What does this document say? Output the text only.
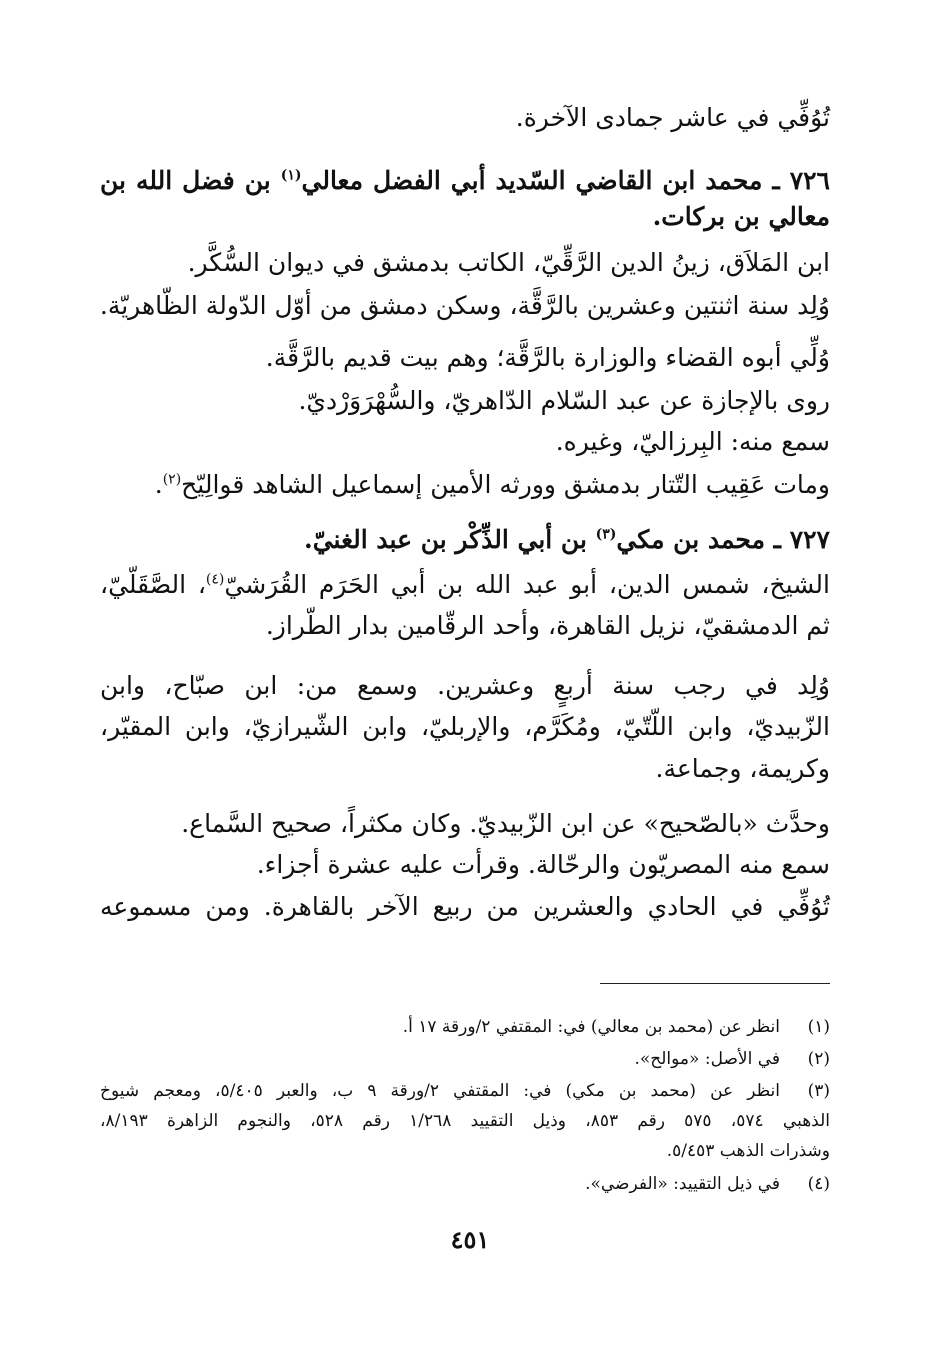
تُوُفِّي في عاشر جمادى الآخرة.
٧٢٦ ـ محمد ابن القاضي السّديد أبي الفضل معالي$^{(١)}$ بن فضل الله بن
معالي بن بركات.
ابن المَلاَق، زينُ الدين الرَّقِّيّ، الكاتب بدمشق في ديوان السُّكَّر.
وُلِد سنة اثنتين وعشرين بالرَّقَّة، وسكن دمشق من أوّل الدّولة الظّاهريّة.
وُلِّي أبوه القضاء والوزارة بالرَّقَّة؛ وهم بيت قديم بالرَّقَّة.
روى بالإجازة عن عبد السّلام الدّاهريّ، والسُّهْرَوَرْديّ.
سمع منه: البِرزاليّ، وغيره.
ومات عَقِيب التّتار بدمشق وورثه الأمين إسماعيل الشاهد قوالِيّح$^{(٢)}$.
٧٢٧ ـ محمد بن مكي$^{(٣)}$ بن أبي الذِّكْر بن عبد الغنيّ.
الشيخ، شمس الدين، أبو عبد الله بن أبي الحَرَم القُرَشيّ$^{(٤)}$، الصَّقَلّيّ،
ثم الدمشقيّ، نزيل القاهرة، وأحد الرقّامين بدار الطّراز.
وُلِد في رجب سنة أربعٍ وعشرين. وسمع من: ابن صبّاح، وابن
الزّبيديّ، وابن اللّتّيّ، ومُكَرَّم، والإربليّ، وابن الشّيرازيّ، وابن المقيّر،
وكريمة، وجماعة.
وحدَّث «بالصّحيح» عن ابن الزّبيديّ. وكان مكثراً، صحيح السَّماع.
سمع منه المصريّون والرحّالة. وقرأت عليه عشرة أجزاء.
تُوُفِّي في الحادي والعشرين من ربيع الآخر بالقاهرة. ومن مسموعه
(١)
انظر عن (محمد بن معالي) في: المقتفي ٢/ورقة ١٧ أ.
(٢)
في الأصل: «موالح».
(٣)
انظر عن (محمد بن مكي) في: المقتفي ٢/ورقة ٩ ب، والعبر ٥/٤٠٥، ومعجم شيوخ
الذهبي ٥٧٤، ٥٧٥ رقم ٨٥٣، وذيل التقييد ١/٢٦٨ رقم ٥٢٨، والنجوم الزاهرة ٨/١٩٣،
وشذرات الذهب ٥/٤٥٣.
(٤)
في ذيل التقييد: «الفرضي».
٤٥١
